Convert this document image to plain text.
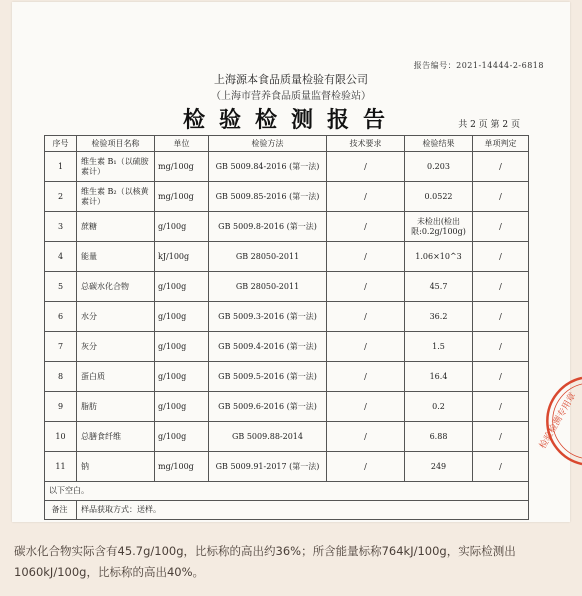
报告编号：2021-14444-2-6818
上海源本食品质量检验有限公司
（上海市营养食品质量监督检验站）
检验检测报告	共 2 页 第 2 页
序号	检验项目名称	单位	检验方法	技术要求	检验结果	单项判定
1	维生素 B₁（以硫胺素计）	mg/100g	GB 5009.84-2016 (第一法)	/	0.203	/
2	维生素 B₂（以核黄素计）	mg/100g	GB 5009.85-2016 (第一法)	/	0.0522	/
3	蔗糖	g/100g	GB 5009.8-2016 (第一法)	/	未检出(检出限:0.2g/100g)	/
4	能量	kJ/100g	GB 28050-2011	/	1.06×10^3	/
5	总碳水化合物	g/100g	GB 28050-2011	/	45.7	/
6	水分	g/100g	GB 5009.3-2016 (第一法)	/	36.2	/
7	灰分	g/100g	GB 5009.4-2016 (第一法)	/	1.5	/
8	蛋白质	g/100g	GB 5009.5-2016 (第一法)	/	16.4	/
9	脂肪	g/100g	GB 5009.6-2016 (第一法)	/	0.2	/
10	总膳食纤维	g/100g	GB 5009.88-2014	/	6.88	/
11	钠	mg/100g	GB 5009.91-2017 (第一法)	/	249	/
以下空白。						
备注	样品获取方式：送样。					
检验检测专用章
碳水化合物实际含有45.7g/100g，比标称的高出约36%；所含能量标称764kJ/100g，实际检测出1060kJ/100g，比标称的高出40%。
